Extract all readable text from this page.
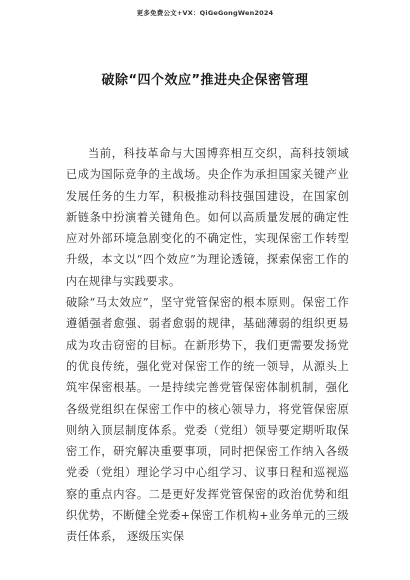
更多免费公文+VX：QiGeGongWen2024
破除“四个效应”推进央企保密管理

当前，科技革命与大国博弈相互交织，高科技领域已成为国际竞争的主战场。央企作为承担国家关键产业发展任务的生力军，积极推动科技强国建设，在国家创新链条中扮演着关键角色。如何以高质量发展的确定性应对外部环境急剧变化的不确定性，实现保密工作转型升级，本文以“四个效应”为理论透镜，探索保密工作的内在规律与实践要求。

破除“马太效应”，坚守党管保密的根本原则。保密工作遵循强者愈强、弱者愈弱的规律，基础薄弱的组织更易成为攻击窃密的目标。在新形势下，我们更需要发扬党的优良传统，强化党对保密工作的统一领导，从源头上筑牢保密根基。一是持续完善党管保密体制机制，强化各级党组织在保密工作中的核心领导力，将党管保密原则纳入顶层制度体系。党委（党组）领导要定期听取保密工作，研究解决重要事项，同时把保密工作纳入各级党委（党组）理论学习中心组学习、议事日程和巡视巡察的重点内容。二是更好发挥党管保密的政治优势和组织优势，不断健全党委+保密工作机构+业务单元的三级责任体系， 逐级压实保
